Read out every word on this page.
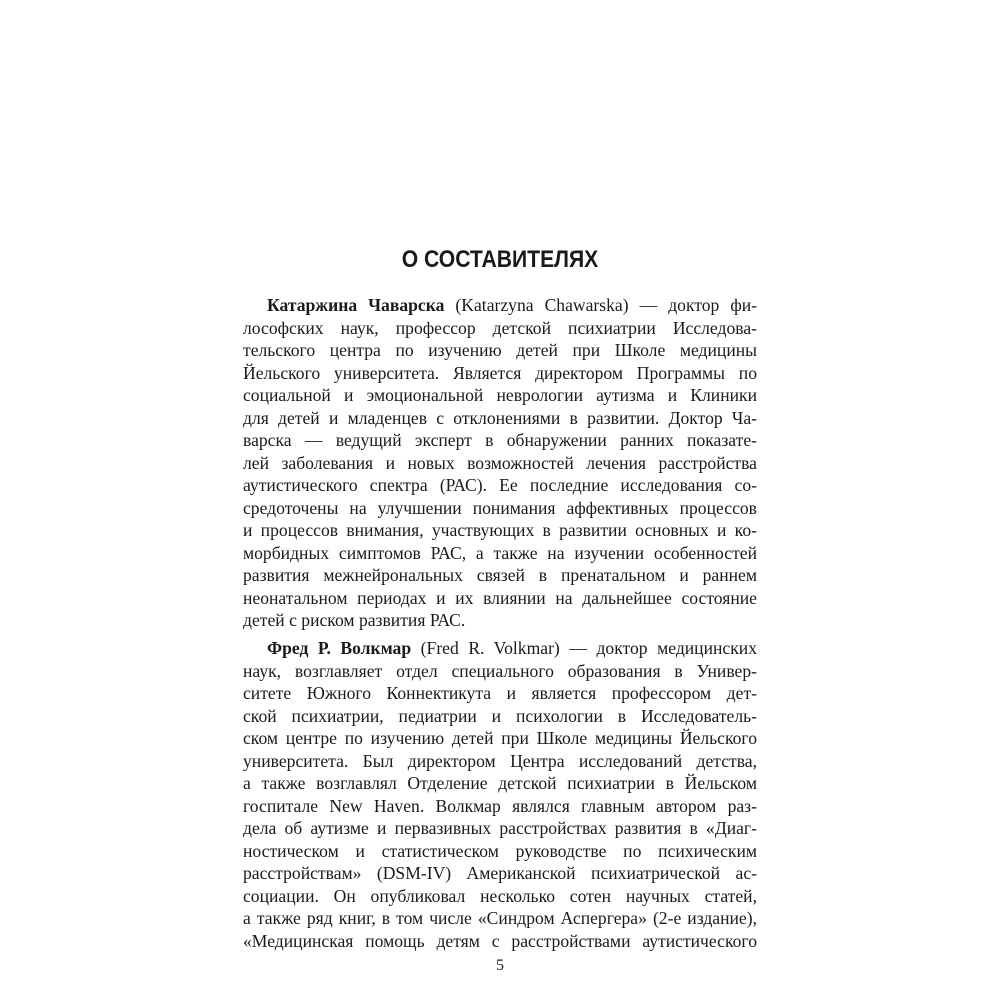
О СОСТАВИТЕЛЯХ
Катаржина Чаварска (Katarzyna Chawarska) — доктор фи-
лософских наук, профессор детской психиатрии Исследова-
тельского центра по изучению детей при Школе медицины
Йельского университета. Является директором Программы по
социальной и эмоциональной неврологии аутизма и Клиники
для детей и младенцев с отклонениями в развитии. Доктор Ча-
варска — ведущий эксперт в обнаружении ранних показате-
лей заболевания и новых возможностей лечения расстройства
аутистического спектра (РАС). Ее последние исследования со-
средоточены на улучшении понимания аффективных процессов
и процессов внимания, участвующих в развитии основных и ко-
морбидных симптомов РАС, а также на изучении особенностей
развития межнейрональных связей в пренатальном и раннем
неонатальном периодах и их влиянии на дальнейшее состояние
детей с риском развития РАС.
Фред Р. Волкмар (Fred R. Volkmar) — доктор медицинских
наук, возглавляет отдел специального образования в Универ-
ситете Южного Коннектикута и является профессором дет-
ской психиатрии, педиатрии и психологии в Исследователь-
ском центре по изучению детей при Школе медицины Йельского
университета. Был директором Центра исследований детства,
а также возглавлял Отделение детской психиатрии в Йельском
госпитале New Haven. Волкмар являлся главным автором раз-
дела об аутизме и первазивных расстройствах развития в «Диаг-
ностическом и статистическом руководстве по психическим
расстройствам» (DSM-IV) Американской психиатрической ас-
социации. Он опубликовал несколько сотен научных статей,
а также ряд книг, в том числе «Синдром Аспергера» (2-е издание),
«Медицинская помощь детям с расстройствами аутистического
5
